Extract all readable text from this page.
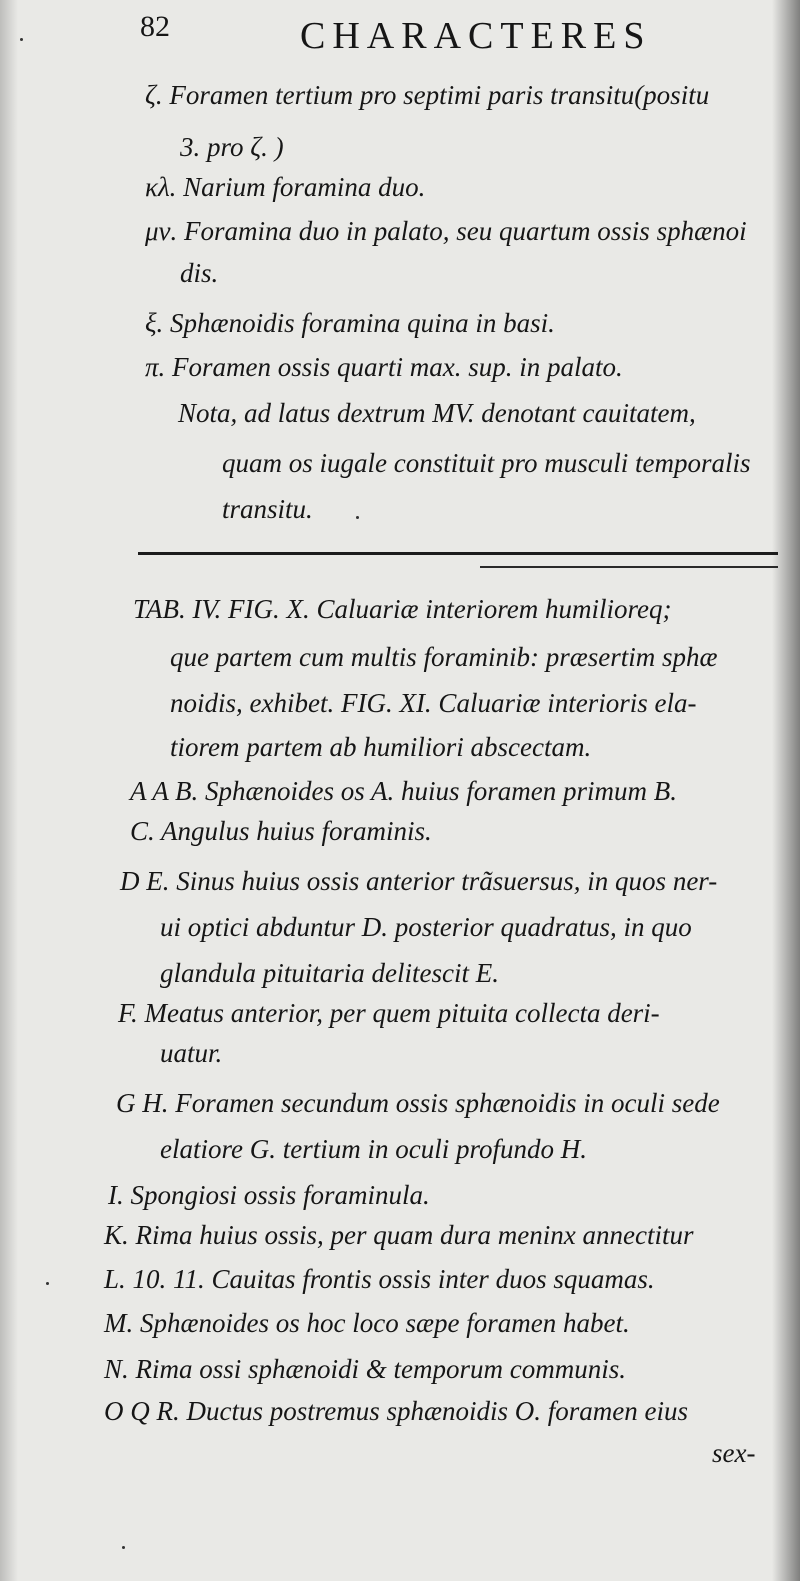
82	CHARACTERES
ζ. Foramen tertium pro septimi paris transitu(positu
3. pro ζ. )
κλ. Narium foramina duo.
μν. Foramina duo in palato, seu quartum ossis sphænoi
dis.
ξ. Sphænoidis foramina quina in basi.
π. Foramen ossis quarti max. sup. in palato.
Nota, ad latus dextrum MV. denotant cauitatem,
quam os iugale constituit pro musculi temporalis
transitu.
TAB. IV. FIG. X. Caluariæ interiorem humilioreq;
que partem cum multis foraminib: præsertim sphæ
noidis, exhibet. FIG. XI. Caluariæ interioris ela-
tiorem partem ab humiliori abscectam.
A A B. Sphænoides os A. huius foramen primum B.
C. Angulus huius foraminis.
D E. Sinus huius ossis anterior trãsuersus, in quos ner-
ui optici abduntur D. posterior quadratus, in quo
glandula pituitaria delitescit E.
F. Meatus anterior, per quem pituita collecta deri-
uatur.
G H. Foramen secundum ossis sphænoidis in oculi sede
elatiore G. tertium in oculi profundo H.
I. Spongiosi ossis foraminula.
K. Rima huius ossis, per quam dura meninx annectitur
L. 10. 11. Cauitas frontis ossis inter duos squamas.
M. Sphænoides os hoc loco sæpe foramen habet.
N. Rima ossi sphænoidi & temporum communis.
O Q R. Ductus postremus sphænoidis O. foramen eius
sex-
